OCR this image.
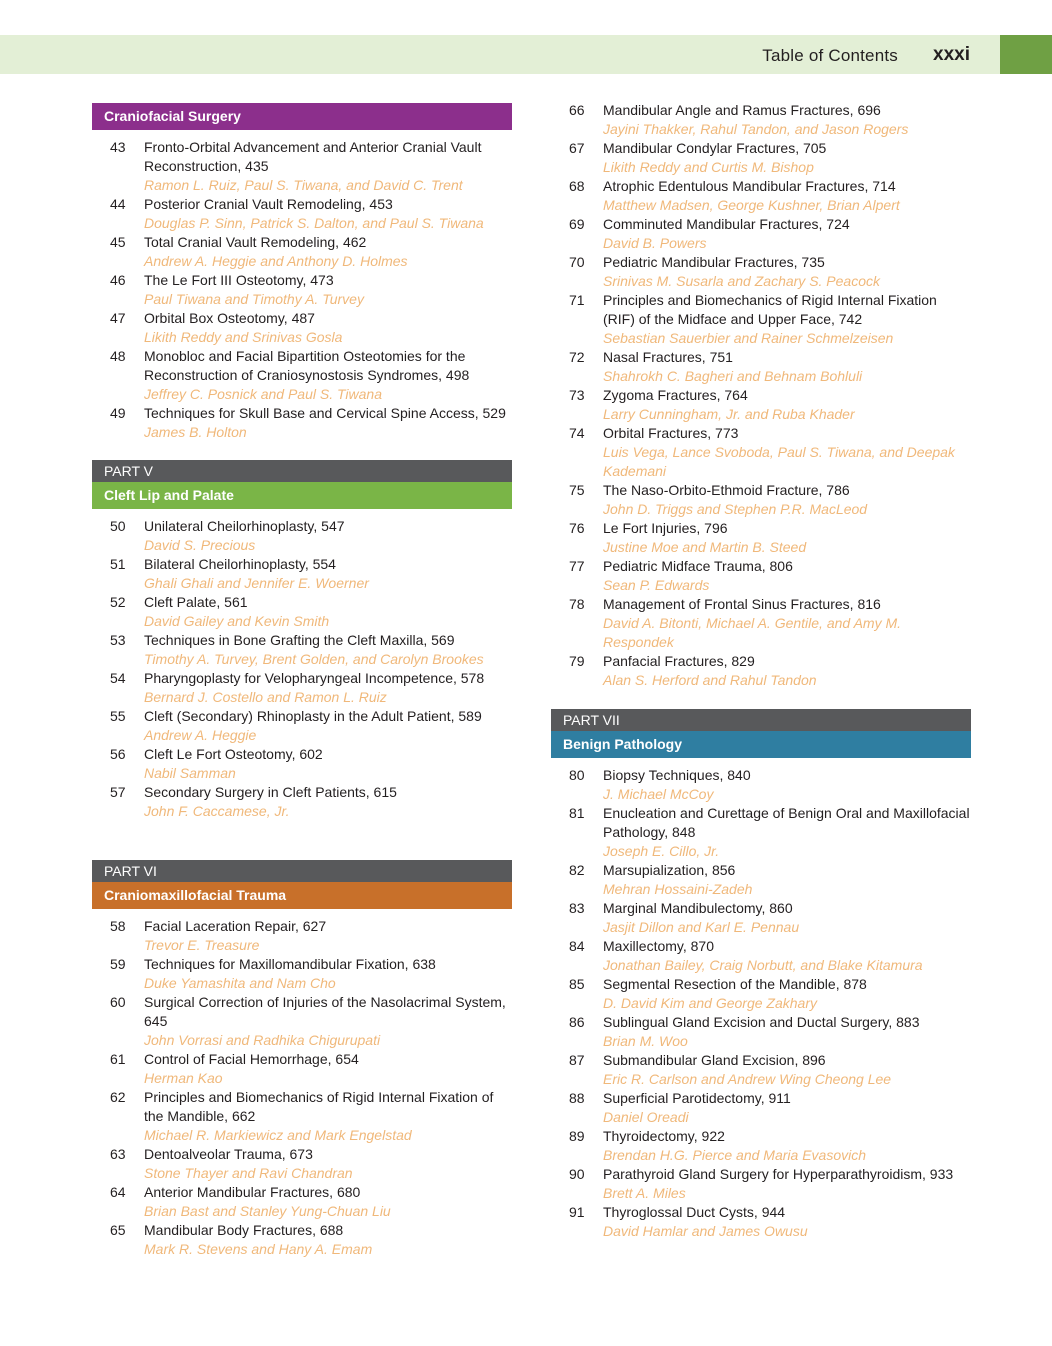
Table of Contents xxxi
Craniofacial Surgery
43 Fronto-Orbital Advancement and Anterior Cranial Vault Reconstruction, 435
Ramon L. Ruiz, Paul S. Tiwana, and David C. Trent
44 Posterior Cranial Vault Remodeling, 453
Douglas P. Sinn, Patrick S. Dalton, and Paul S. Tiwana
45 Total Cranial Vault Remodeling, 462
Andrew A. Heggie and Anthony D. Holmes
46 The Le Fort III Osteotomy, 473
Paul Tiwana and Timothy A. Turvey
47 Orbital Box Osteotomy, 487
Likith Reddy and Srinivas Gosla
48 Monobloc and Facial Bipartition Osteotomies for the Reconstruction of Craniosynostosis Syndromes, 498
Jeffrey C. Posnick and Paul S. Tiwana
49 Techniques for Skull Base and Cervical Spine Access, 529
James B. Holton
PART V
Cleft Lip and Palate
50 Unilateral Cheilorhinoplasty, 547
David S. Precious
51 Bilateral Cheilorhinoplasty, 554
Ghali Ghali and Jennifer E. Woerner
52 Cleft Palate, 561
David Gailey and Kevin Smith
53 Techniques in Bone Grafting the Cleft Maxilla, 569
Timothy A. Turvey, Brent Golden, and Carolyn Brookes
54 Pharyngoplasty for Velopharyngeal Incompetence, 578
Bernard J. Costello and Ramon L. Ruiz
55 Cleft (Secondary) Rhinoplasty in the Adult Patient, 589
Andrew A. Heggie
56 Cleft Le Fort Osteotomy, 602
Nabil Samman
57 Secondary Surgery in Cleft Patients, 615
John F. Caccamese, Jr.
PART VI
Craniomaxillofacial Trauma
58 Facial Laceration Repair, 627
Trevor E. Treasure
59 Techniques for Maxillomandibular Fixation, 638
Duke Yamashita and Nam Cho
60 Surgical Correction of Injuries of the Nasolacrimal System, 645
John Vorrasi and Radhika Chigurupati
61 Control of Facial Hemorrhage, 654
Herman Kao
62 Principles and Biomechanics of Rigid Internal Fixation of the Mandible, 662
Michael R. Markiewicz and Mark Engelstad
63 Dentoalveolar Trauma, 673
Stone Thayer and Ravi Chandran
64 Anterior Mandibular Fractures, 680
Brian Bast and Stanley Yung-Chuan Liu
65 Mandibular Body Fractures, 688
Mark R. Stevens and Hany A. Emam
66 Mandibular Angle and Ramus Fractures, 696
Jayini Thakker, Rahul Tandon, and Jason Rogers
67 Mandibular Condylar Fractures, 705
Likith Reddy and Curtis M. Bishop
68 Atrophic Edentulous Mandibular Fractures, 714
Matthew Madsen, George Kushner, Brian Alpert
69 Comminuted Mandibular Fractures, 724
David B. Powers
70 Pediatric Mandibular Fractures, 735
Srinivas M. Susarla and Zachary S. Peacock
71 Principles and Biomechanics of Rigid Internal Fixation (RIF) of the Midface and Upper Face, 742
Sebastian Sauerbier and Rainer Schmelzeisen
72 Nasal Fractures, 751
Shahrokh C. Bagheri and Behnam Bohluli
73 Zygoma Fractures, 764
Larry Cunningham, Jr. and Ruba Khader
74 Orbital Fractures, 773
Luis Vega, Lance Svoboda, Paul S. Tiwana, and Deepak Kademani
75 The Naso-Orbito-Ethmoid Fracture, 786
John D. Triggs and Stephen P.R. MacLeod
76 Le Fort Injuries, 796
Justine Moe and Martin B. Steed
77 Pediatric Midface Trauma, 806
Sean P. Edwards
78 Management of Frontal Sinus Fractures, 816
David A. Bitonti, Michael A. Gentile, and Amy M. Respondek
79 Panfacial Fractures, 829
Alan S. Herford and Rahul Tandon
PART VII
Benign Pathology
80 Biopsy Techniques, 840
J. Michael McCoy
81 Enucleation and Curettage of Benign Oral and Maxillofacial Pathology, 848
Joseph E. Cillo, Jr.
82 Marsupialization, 856
Mehran Hossaini-Zadeh
83 Marginal Mandibulectomy, 860
Jasjit Dillon and Karl E. Pennau
84 Maxillectomy, 870
Jonathan Bailey, Craig Norbutt, and Blake Kitamura
85 Segmental Resection of the Mandible, 878
D. David Kim and George Zakhary
86 Sublingual Gland Excision and Ductal Surgery, 883
Brian M. Woo
87 Submandibular Gland Excision, 896
Eric R. Carlson and Andrew Wing Cheong Lee
88 Superficial Parotidectomy, 911
Daniel Oreadi
89 Thyroidectomy, 922
Brendan H.G. Pierce and Maria Evasovich
90 Parathyroid Gland Surgery for Hyperparathyroidism, 933
Brett A. Miles
91 Thyroglossal Duct Cysts, 944
David Hamlar and James Owusu
